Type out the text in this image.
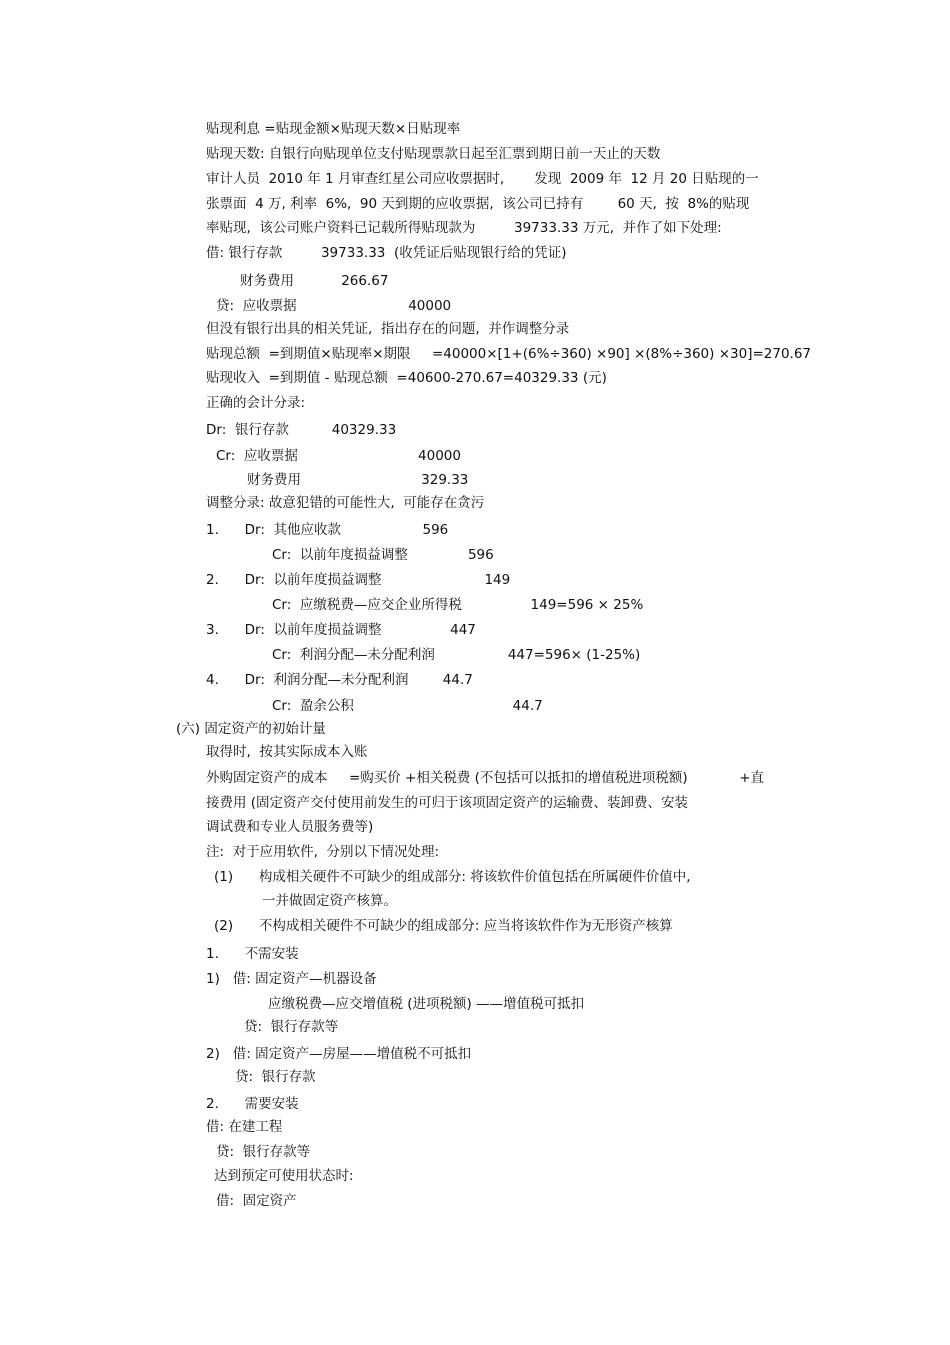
贴现利息 =贴现金额×贴现天数×日贴现率
贴现天数: 自银行向贴现单位支付贴现票款日起至汇票到期日前一天止的天数
审计人员  2010 年 1 月审查红星公司应收票据时,       发现  2009 年  12 月 20 日贴现的一
张票面  4 万, 利率  6%,  90 天到期的应收票据,  该公司已持有        60 天,  按  8%的贴现
率贴现,  该公司账户资料已记载所得贴现款为         39733.33 万元,  并作了如下处理:
借: 银行存款         39733.33  (收凭证后贴现银行给的凭证)
财务费用           266.67
贷:  应收票据                          40000
但没有银行出具的相关凭证,  指出存在的问题,  并作调整分录
贴现总额  =到期值×贴现率×期限     =40000×[1+(6%÷360) ×90] ×(8%÷360) ×30]=270.67
贴现收入  =到期值 - 贴现总额  =40600-270.67=40329.33 (元)
正确的会计分录:
Dr:  银行存款          40329.33
Cr:  应收票据                            40000
财务费用                            329.33
调整分录: 故意犯错的可能性大,  可能存在贪污
1.      Dr:  其他应收款                   596
Cr:  以前年度损益调整              596
2.      Dr:  以前年度损益调整                        149
Cr:  应缴税费—应交企业所得税                149=596 × 25%
3.      Dr:  以前年度损益调整                447
Cr:  利润分配—未分配利润                 447=596× (1-25%)
4.      Dr:  利润分配—未分配利润        44.7
Cr:  盈余公积                                     44.7
(六) 固定资产的初始计量
取得时,  按其实际成本入账
外购固定资产的成本     =购买价 +相关税费 (不包括可以抵扣的增值税进项税额)            +直
接费用 (固定资产交付使用前发生的可归于该项固定资产的运输费、装卸费、安装
调试费和专业人员服务费等)
注:  对于应用软件,  分别以下情况处理:
(1)      构成相关硬件不可缺少的组成部分: 将该软件价值包括在所属硬件价值中,
一并做固定资产核算。
(2)      不构成相关硬件不可缺少的组成部分: 应当将该软件作为无形资产核算
1.      不需安装
1)   借: 固定资产—机器设备
应缴税费—应交增值税 (进项税额) ——增值税可抵扣
贷:  银行存款等
2)   借: 固定资产—房屋——增值税不可抵扣
贷:  银行存款
2.      需要安装
借: 在建工程
贷:  银行存款等
达到预定可使用状态时:
借:  固定资产
